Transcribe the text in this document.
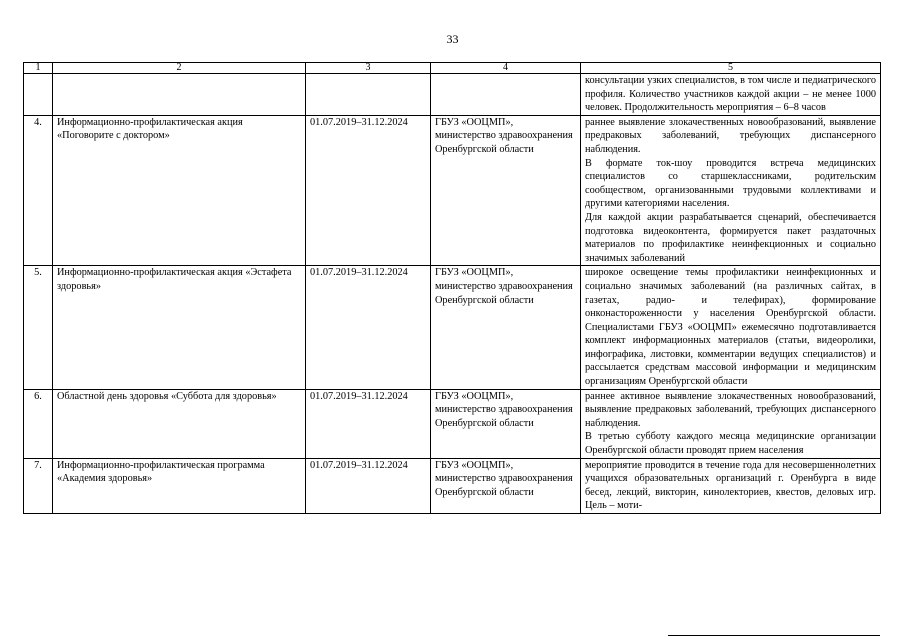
33
1	2	3	4	5

				консультации узких специалистов, в том числе и педиатрического профиля. Количество участников каждой акции – не менее 1000 человек. Продолжительность мероприятия – 6–8 часов

4.	Информационно-профилактическая акция «Поговорите с доктором»	01.07.2019–31.12.2024	ГБУЗ «ООЦМП», министерство здравоохранения Оренбургской области	раннее выявление злокачественных новообразований, выявление предраковых заболеваний, требующих диспансерного наблюдения.
В формате ток-шоу проводится встреча медицинских специалистов со старшеклассниками, родительским сообществом, организованными трудовыми коллективами и другими категориями населения.
Для каждой акции разрабатывается сценарий, обеспечивается подготовка видеоконтента, формируется пакет раздаточных материалов по профилактике неинфекционных и социально значимых заболеваний

5.	Информационно-профилактическая акция «Эстафета здоровья»	01.07.2019–31.12.2024	ГБУЗ «ООЦМП», министерство здравоохранения Оренбургской области	широкое освещение темы профилактики неинфекционных и социально значимых заболеваний (на различных сайтах, в газетах, радио- и телефирах), формирование онконастороженности у населения Оренбургской области. Специалистами ГБУЗ «ООЦМП» ежемесячно подготавливается комплект информационных материалов (статьи, видеоролики, инфографика, листовки, комментарии ведущих специалистов) и рассылается средствам массовой информации и медицинским организациям Оренбургской области

6.	Областной день здоровья «Суббота для здоровья»	01.07.2019–31.12.2024	ГБУЗ «ООЦМП», министерство здравоохранения Оренбургской области	раннее активное выявление злокачественных новообразований, выявление предраковых заболеваний, требующих диспансерного наблюдения.
В третью субботу каждого месяца медицинские организации Оренбургской области проводят прием населения

7.	Информационно-профилактическая программа «Академия здоровья»	01.07.2019–31.12.2024	ГБУЗ «ООЦМП», министерство здравоохранения Оренбургской области	мероприятие проводится в течение года для несовершеннолетних учащихся образовательных организаций г. Оренбурга в виде бесед, лекций, викторин, кинолекториев, квестов, деловых игр. Цель – моти-
